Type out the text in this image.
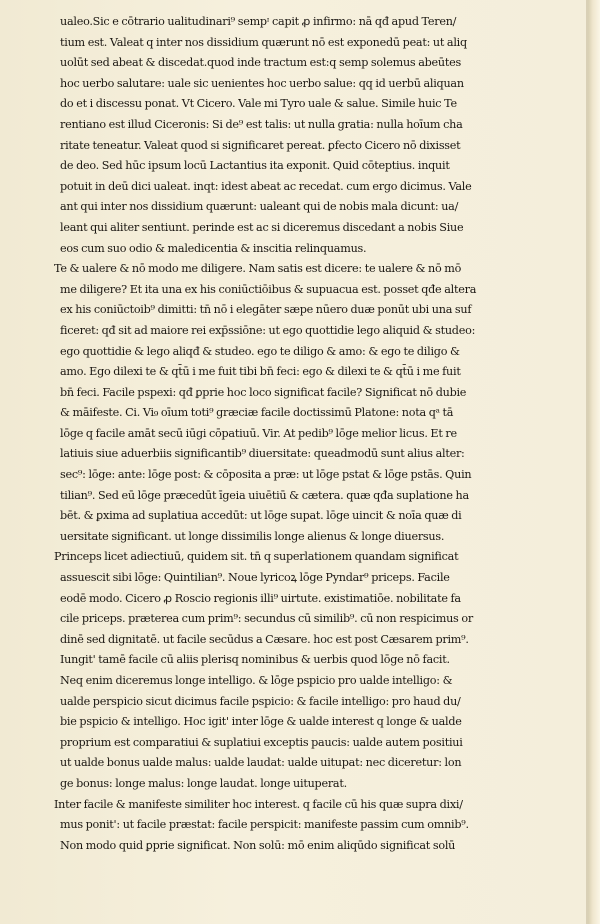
ualeo.Sic e cōtrario ualitudinari⁹ sempᶦ capit ꝓ infirmo: nā qđ apud Teren/
tium est. Valeat q inter nos dissidium quærunt nō est exponedū peat: ut aliq
uolūt sed abeat & discedat.quod inde tractum est:q semp solemus abeūtes
hoc uerbo salutare: uale sic uenientes hoc uerbo salue: qq id uerbū aliquan
do et i discessu ponat. Vt Cicero. Vale mi Tyro uale & salue. Simile huic Te
rentiano est illud Ciceronis: Si de⁹ est talis: ut nulla gratia: nulla hoīum cha
ritate teneatur. Valeat quod si significaret pereat. ꝑfecto Cicero nō dixisset
de deo. Sed hūc ipsum locū Lactantius ita exponit. Quid cōteptius. inquit
potuit in deū dici ualeat. inqt: idest abeat ac recedat. cum ergo dicimus. Vale
ant qui inter nos dissidium quærunt: ualeant qui de nobis mala dicunt: ua/
leant qui aliter sentiunt. perinde est ac si diceremus discedant a nobis Siue
eos cum suo odio & maledicentia & inscitia relinquamus.
Te & ualere & nō modo me diligere. Nam satis est dicere: te ualere & nō mō
me diligere? Et ita una ex his coniūctiōibus & supuacua est. posset qđe altera
ex his coniūctoib⁹ dimitti: tn̄ nō i elegāter sæpe nūero duæ ponūt ubi una suf
ficeret: qđ sit ad maiore rei exp̄ssiōne: ut ego quottidie lego aliquid & studeo:
ego quottidie & lego aliqđ & studeo. ego te diligo & amo: & ego te diligo &
amo. Ego dilexi te & qt̄ū i me fuit tibi bn̄ feci: ego & dilexi te & qt̄ū i me fuit
bn̄ feci. Facile pspexi: qđ ꝑprie hoc loco significat facile? Significat nō dubie
& māifeste. Ci. Vi₉ oīum toti⁹ græciæ facile doctissimū Platone: nota qᵃ tā
lōge q facile amāt secū iūgi cōpatiuū. Vir. At pedib⁹ lōge melior licus. Et re
latiuis siue aduerbiis significantib⁹ diuersitate: queadmodū sunt alius alter:
sec⁹: lōge: ante: lōge post: & cōposita a præ: ut lōge pstat & lōge pstās. Quin
tilian⁹. Sed eū lōge præcedūt īgeia uiuētiū & cætera. quæ qđa suplatione ha
bēt. & ꝑxima ad suplatiua accedūt: ut lōge supat. lōge uincit & noīa quæ di
uersitate significant. ut longe dissimilis longe alienus & longe diuersus.
Princeps licet adiectiuū, quidem sit. tn̄ q superlationem quandam significat
assuescit sibi lōge: Quintilian⁹. Noue lyricoꝝ lōge Pyndar⁹ priceps. Facile
eodē modo. Cicero ꝓ Roscio regionis illi⁹ uirtute. existimatiōe. nobilitate fa
cile priceps. præterea cum prim⁹: secundus cū similib⁹. cū non respicimus or
dinē sed dignitatē. ut facile secūdus a Cæsare. hoc est post Cæsarem prim⁹.
Iungit' tamē facile cū aliis plerisq nominibus & uerbis quod lōge nō facit.
Neq enim diceremus longe intelligo. & lōge pspicio pro ualde intelligo: &
ualde perspicio sicut dicimus facile pspicio: & facile intelligo: pro haud du/
bie pspicio & intelligo. Hoc igit' inter lōge & ualde interest q longe & ualde
proprium est comparatiui & suplatiui exceptis paucis: ualde autem positiui
ut ualde bonus ualde malus: ualde laudat: ualde uitupat: nec diceretur: lon
ge bonus: longe malus: longe laudat. longe uituperat.
Inter facile & manifeste similiter hoc interest. q facile cū his quæ supra dixi/
mus ponit': ut facile præstat: facile perspicit: manifeste passim cum omnib⁹.
Non modo quid ꝑprie significat. Non solū: mō enim aliqūdo significat solū
